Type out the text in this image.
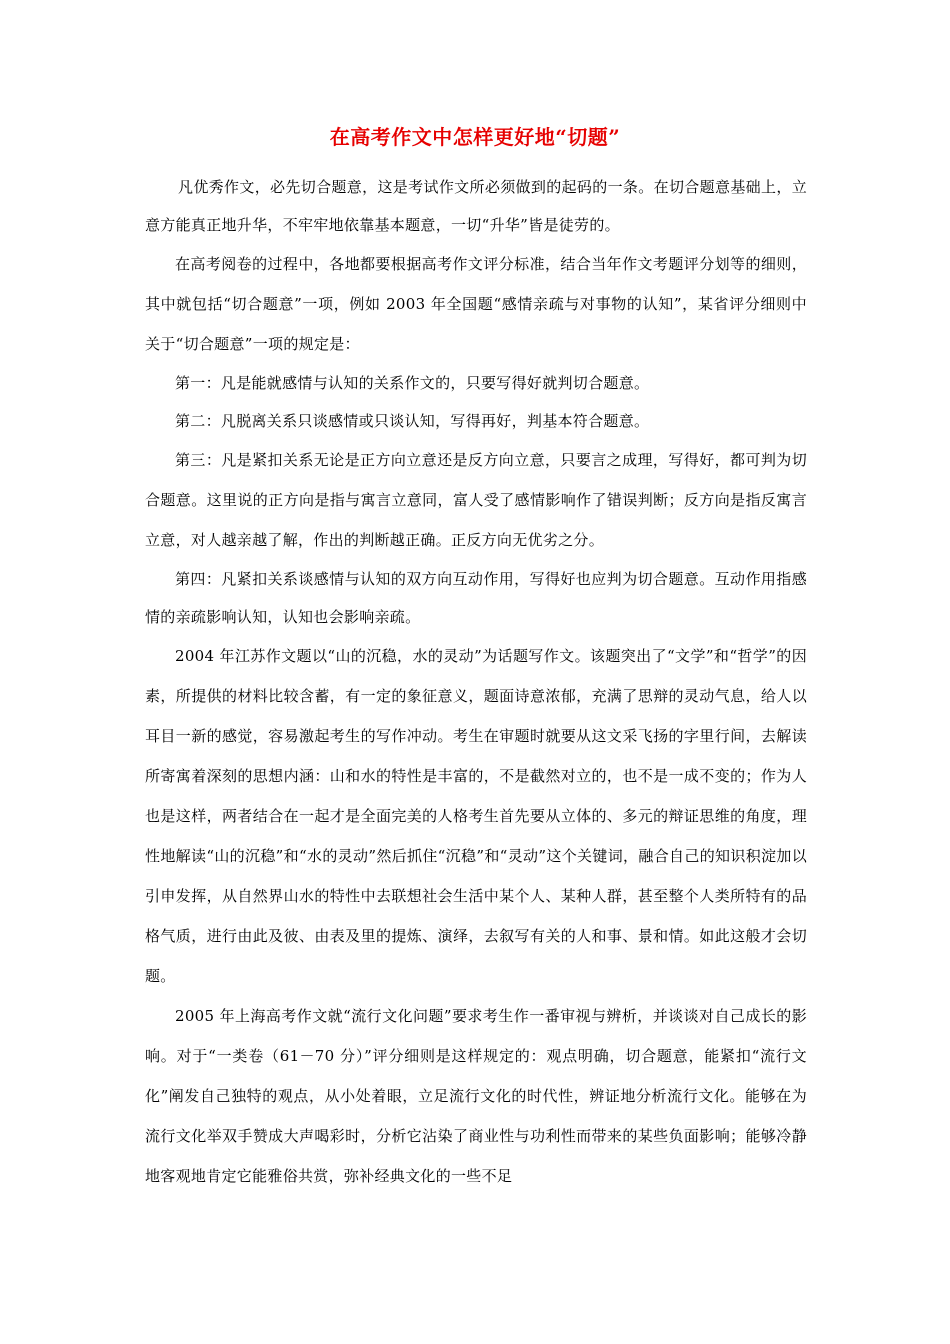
在高考作文中怎样更好地“切题”

凡优秀作文，必先切合题意，这是考试作文所必须做到的起码的一条。在切合题意基础上，立意方能真正地升华，不牢牢地依靠基本题意，一切“升华”皆是徒劳的。

在高考阅卷的过程中，各地都要根据高考作文评分标准，结合当年作文考题评分划等的细则，其中就包括“切合题意”一项，例如 2003 年全国题“感情亲疏与对事物的认知”，某省评分细则中关于“切合题意”一项的规定是：

第一：凡是能就感情与认知的关系作文的，只要写得好就判切合题意。

第二：凡脱离关系只谈感情或只谈认知，写得再好，判基本符合题意。

第三：凡是紧扣关系无论是正方向立意还是反方向立意，只要言之成理，写得好，都可判为切合题意。这里说的正方向是指与寓言立意同，富人受了感情影响作了错误判断；反方向是指反寓言立意，对人越亲越了解，作出的判断越正确。正反方向无优劣之分。

第四：凡紧扣关系谈感情与认知的双方向互动作用，写得好也应判为切合题意。互动作用指感情的亲疏影响认知，认知也会影响亲疏。

2004 年江苏作文题以“山的沉稳，水的灵动”为话题写作文。该题突出了“文学”和“哲学”的因素，所提供的材料比较含蓄，有一定的象征意义，题面诗意浓郁，充满了思辩的灵动气息，给人以耳目一新的感觉，容易激起考生的写作冲动。考生在审题时就要从这文采飞扬的字里行间，去解读所寄寓着深刻的思想内涵：山和水的特性是丰富的，不是截然对立的，也不是一成不变的；作为人也是这样，两者结合在一起才是全面完美的人格考生首先要从立体的、多元的辩证思维的角度，理性地解读“山的沉稳”和“水的灵动”然后抓住“沉稳”和“灵动”这个关键词，融合自己的知识积淀加以引申发挥，从自然界山水的特性中去联想社会生活中某个人、某种人群，甚至整个人类所特有的品格气质，进行由此及彼、由表及里的提炼、演绎，去叙写有关的人和事、景和情。如此这般才会切题。

2005 年上海高考作文就“流行文化问题”要求考生作一番审视与辨析，并谈谈对自己成长的影响。对于“一类卷（61－70 分）”评分细则是这样规定的：观点明确，切合题意，能紧扣“流行文化”阐发自己独特的观点，从小处着眼，立足流行文化的时代性，辨证地分析流行文化。能够在为流行文化举双手赞成大声喝彩时，分析它沾染了商业性与功利性而带来的某些负面影响；能够冷静地客观地肯定它能雅俗共赏，弥补经典文化的一些不足
